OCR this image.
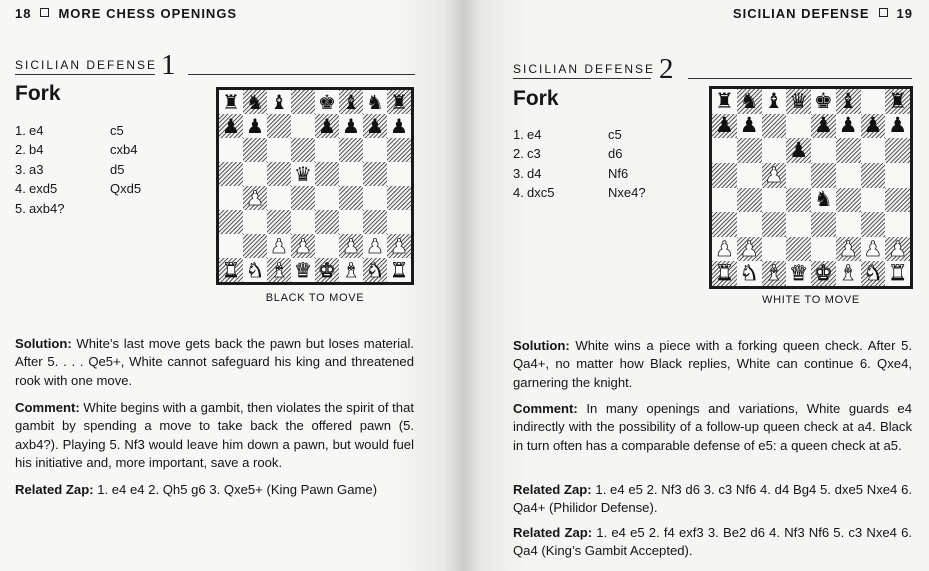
18 MORE CHESS OPENINGS
SICILIAN DEFENSE 1
Fork
1. e4	c5
2. b4	cxb4
3. a3	d5
4. exd5	Qxd5
5. axb4?
♜ ♞ ♝ ♚ ♝ ♞ ♜
♟ ♟	♟ ♟ ♟ ♟
♛
♟
♟ ♟ ♟ ♟ ♟
♜ ♞ ♝ ♛ ♚ ♝ ♞ ♜
BLACK TO MOVE
Solution: White’s last move gets back the pawn but loses material. After 5. . . . Qe5+, White cannot safeguard his king and threatened rook with one move.
Comment: White begins with a gambit, then violates the spirit of that gambit by spending a move to take back the offered pawn (5. axb4?). Playing 5. Nf3 would leave him down a pawn, but would fuel his initiative and, more important, save a rook.
Related Zap: 1. e4 e4 2. Qh5 g6 3. Qxe5+ (King Pawn Game)
SICILIAN DEFENSE 19
SICILIAN DEFENSE 2
Fork
1. e4	c5
2. c3	d6
3. d4	Nf6
4. dxc5	Nxe4?
♜ ♞ ♝ ♛ ♚ ♝ ♜
♟ ♟	♟ ♟ ♟ ♟
♟
♟
♞
♟ ♟	♟ ♟ ♟
♜ ♞ ♝ ♛ ♚ ♝ ♞ ♜
WHITE TO MOVE
Solution: White wins a piece with a forking queen check. After 5. Qa4+, no matter how Black replies, White can continue 6. Qxe4, garnering the knight.
Comment: In many openings and variations, White guards e4 indirectly with the possibility of a follow-up queen check at a4. Black in turn often has a comparable defense of e5: a queen check at a5.
Related Zap: 1. e4 e5 2. Nf3 d6 3. c3 Nf6 4. d4 Bg4 5. dxe5 Nxe4 6. Qa4+ (Philidor Defense).
Related Zap: 1. e4 e5 2. f4 exf3 3. Be2 d6 4. Nf3 Nf6 5. c3 Nxe4 6. Qa4 (King’s Gambit Accepted).
